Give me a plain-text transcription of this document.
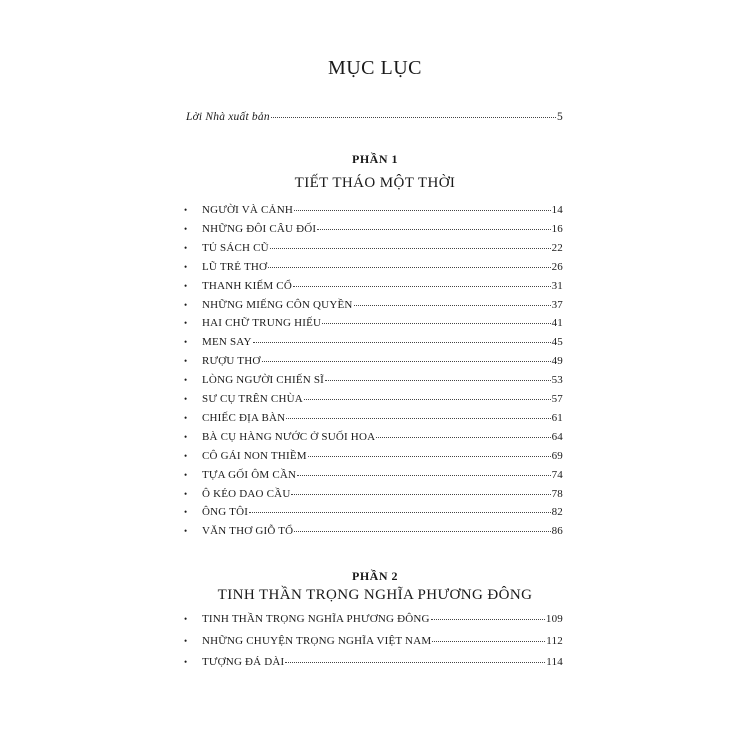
MỤC LỤC
Lời Nhà xuất bản	5
PHẦN 1
TIẾT THÁO MỘT THỜI
•	NGƯỜI VÀ CẢNH	14
•	NHỮNG ĐÔI CÂU ĐỐI	16
•	TỦ SÁCH CŨ	22
•	LŨ TRẺ THƠ	26
•	THANH KIẾM CỔ	31
•	NHỮNG MIẾNG CÔN QUYỀN	37
•	HAI CHỮ TRUNG HIẾU	41
•	MEN SAY	45
•	RƯỢU THƠ	49
•	LÒNG NGƯỜI CHIẾN SĨ	53
•	SƯ CỤ TRÊN CHÙA	57
•	CHIẾC ĐỊA BÀN	61
•	BÀ CỤ HÀNG NƯỚC Ở SUỐI HOA	64
•	CÔ GÁI NON THIỀM	69
•	TỰA GỐI ÔM CẦN	74
•	Ô KÉO DAO CẦU	78
•	ÔNG TÔI	82
•	VĂN THƠ GIỖ TỔ	86
PHẦN 2
TINH THẦN TRỌNG NGHĨA PHƯƠNG ĐÔNG
•	TINH THẦN TRỌNG NGHĨA PHƯƠNG ĐÔNG	109
•	NHỮNG CHUYỆN TRỌNG NGHĨA VIỆT NAM	112
•	TƯỢNG ĐÁ DÀI	114
